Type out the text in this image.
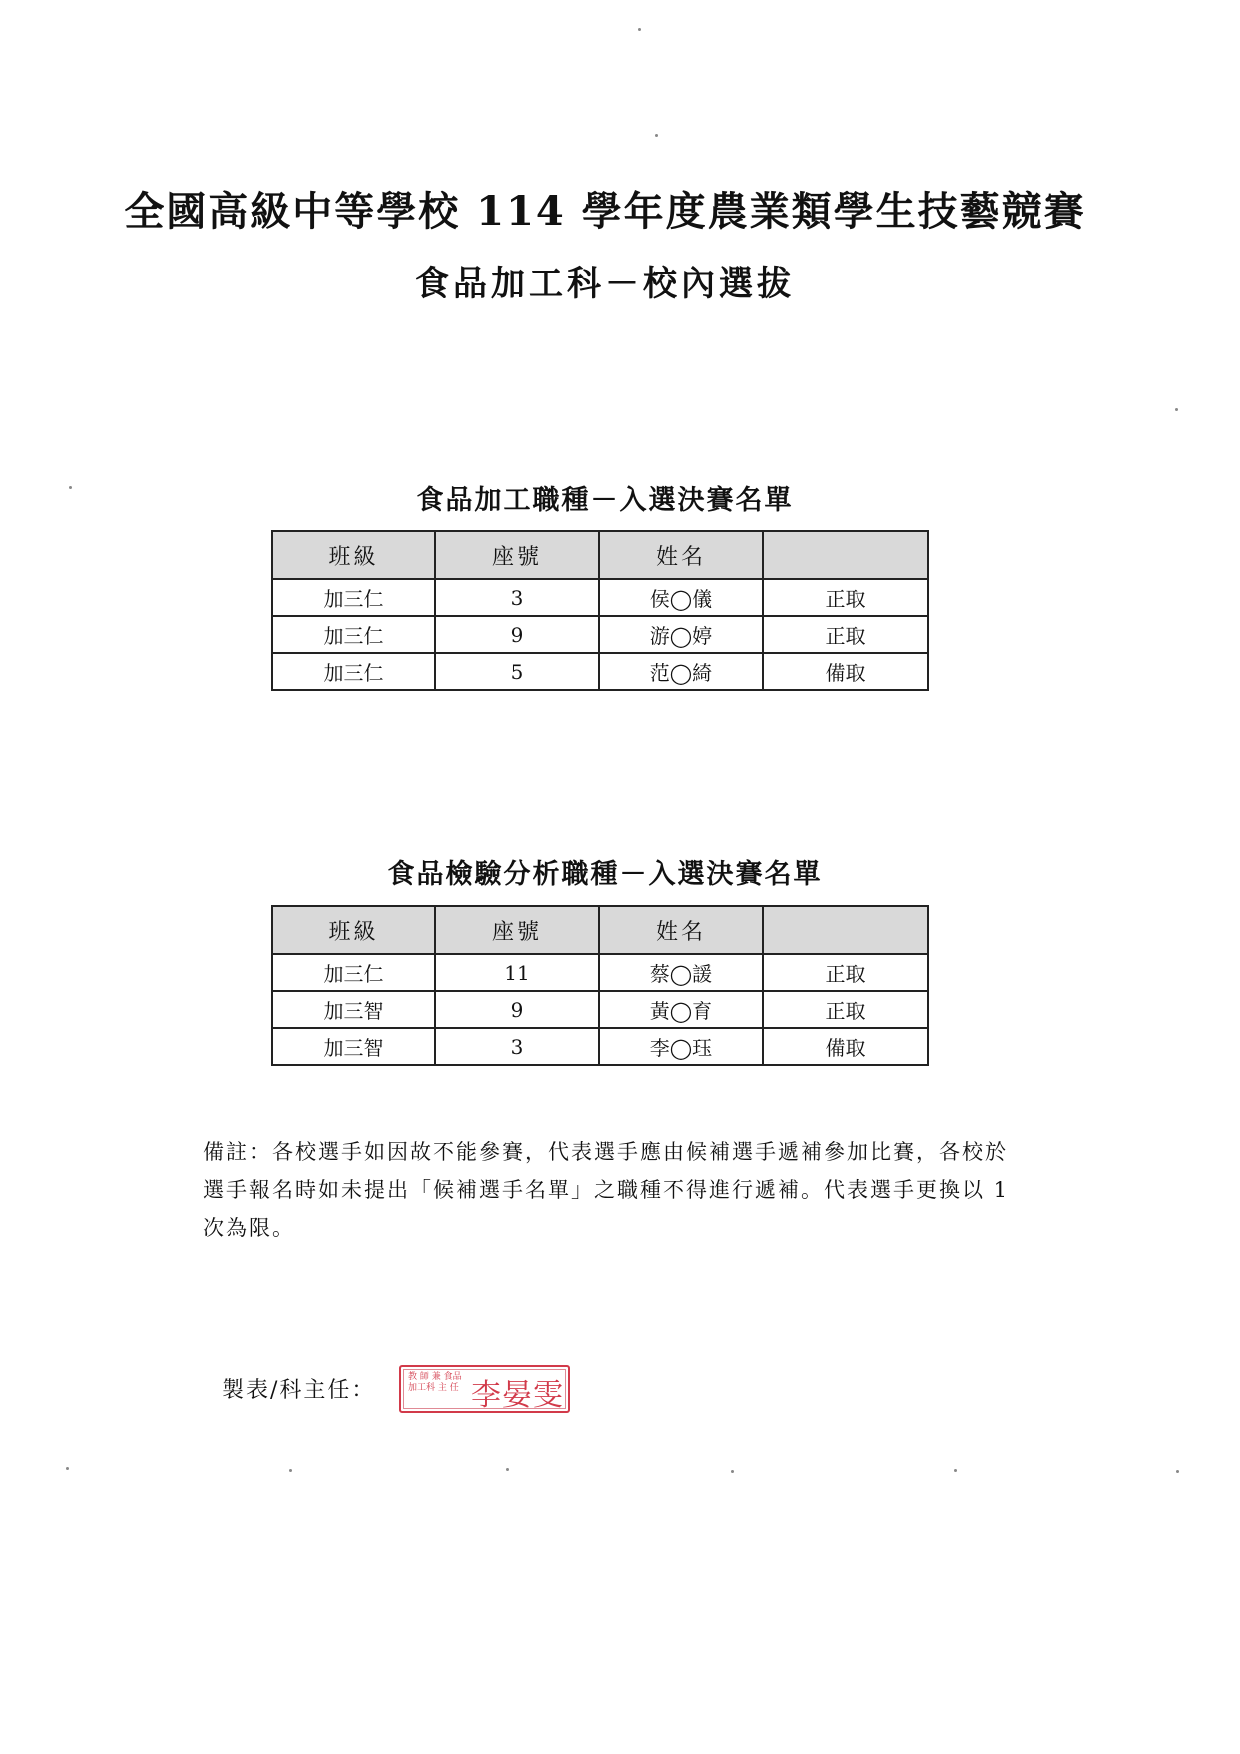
全國高級中等學校 114 學年度農業類學生技藝競賽
食品加工科－校內選拔
食品加工職種－入選決賽名單
班級	座號	姓名	
加三仁	3	侯◯儀	正取
加三仁	9	游◯婷	正取
加三仁	5	范◯綺	備取
食品檢驗分析職種－入選決賽名單
班級	座號	姓名	
加三仁	11	蔡◯諼	正取
加三智	9	黃◯育	正取
加三智	3	李◯珏	備取
備註：各校選手如因故不能參賽，代表選手應由候補選手遞補參加比賽，各校於
選手報名時如未提出「候補選手名單」之職種不得進行遞補。代表選手更換以 1
次為限。
製表/科主任：
教 師 兼 食品加工科 主 任 李晏雯
